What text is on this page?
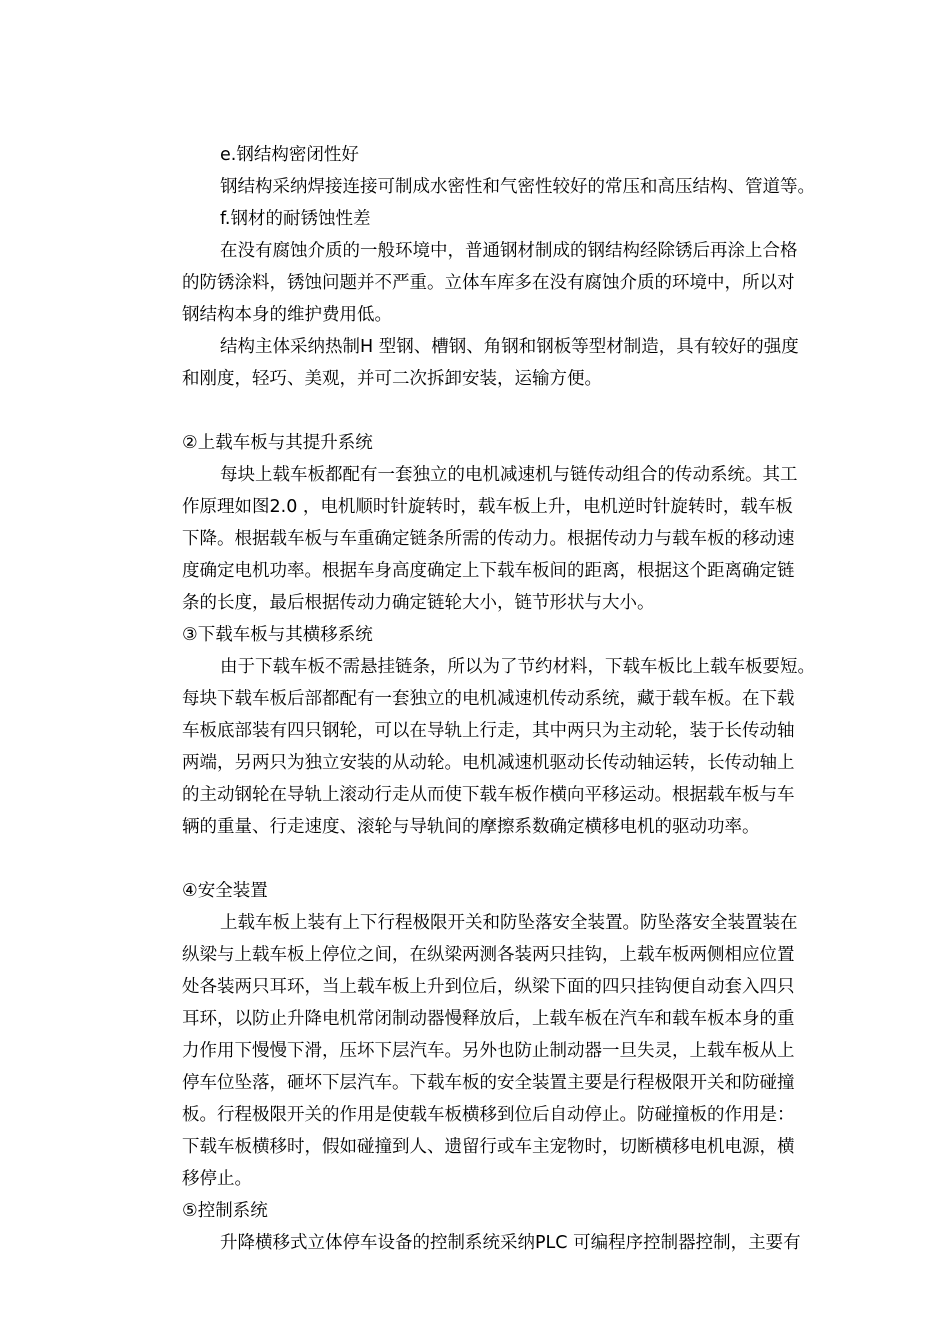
e.钢结构密闭性好
钢结构采纳焊接连接可制成水密性和气密性较好的常压和高压结构、管道等。
f.钢材的耐锈蚀性差
在没有腐蚀介质的一般环境中，普通钢材制成的钢结构经除锈后再涂上合格
的防锈涂料，锈蚀问题并不严重。立体车库多在没有腐蚀介质的环境中，所以对
钢结构本身的维护费用低。
结构主体采纳热制H 型钢、槽钢、角钢和钢板等型材制造，具有较好的强度
和刚度，轻巧、美观，并可二次拆卸安装，运输方便。
②上载车板与其提升系统
每块上载车板都配有一套独立的电机减速机与链传动组合的传动系统。其工
作原理如图2.0 ，电机顺时针旋转时，载车板上升，电机逆时针旋转时，载车板
下降。根据载车板与车重确定链条所需的传动力。根据传动力与载车板的移动速
度确定电机功率。根据车身高度确定上下载车板间的距离，根据这个距离确定链
条的长度，最后根据传动力确定链轮大小，链节形状与大小。
③下载车板与其横移系统
由于下载车板不需悬挂链条，所以为了节约材料，下载车板比上载车板要短。
每块下载车板后部都配有一套独立的电机减速机传动系统，藏于载车板。在下载
车板底部装有四只钢轮，可以在导轨上行走，其中两只为主动轮，装于长传动轴
两端，另两只为独立安装的从动轮。电机减速机驱动长传动轴运转，长传动轴上
的主动钢轮在导轨上滚动行走从而使下载车板作横向平移运动。根据载车板与车
辆的重量、行走速度、滚轮与导轨间的摩擦系数确定横移电机的驱动功率。
④安全装置
上载车板上装有上下行程极限开关和防坠落安全装置。防坠落安全装置装在
纵梁与上载车板上停位之间，在纵梁两测各装两只挂钩，上载车板两侧相应位置
处各装两只耳环，当上载车板上升到位后，纵梁下面的四只挂钩便自动套入四只
耳环，以防止升降电机常闭制动器慢释放后，上载车板在汽车和载车板本身的重
力作用下慢慢下滑，压坏下层汽车。另外也防止制动器一旦失灵，上载车板从上
停车位坠落，砸坏下层汽车。下载车板的安全装置主要是行程极限开关和防碰撞
板。行程极限开关的作用是使载车板横移到位后自动停止。防碰撞板的作用是：
下载车板横移时，假如碰撞到人、遗留行或车主宠物时，切断横移电机电源，横
移停止。
⑤控制系统
升降横移式立体停车设备的控制系统采纳PLC 可编程序控制器控制，主要有
